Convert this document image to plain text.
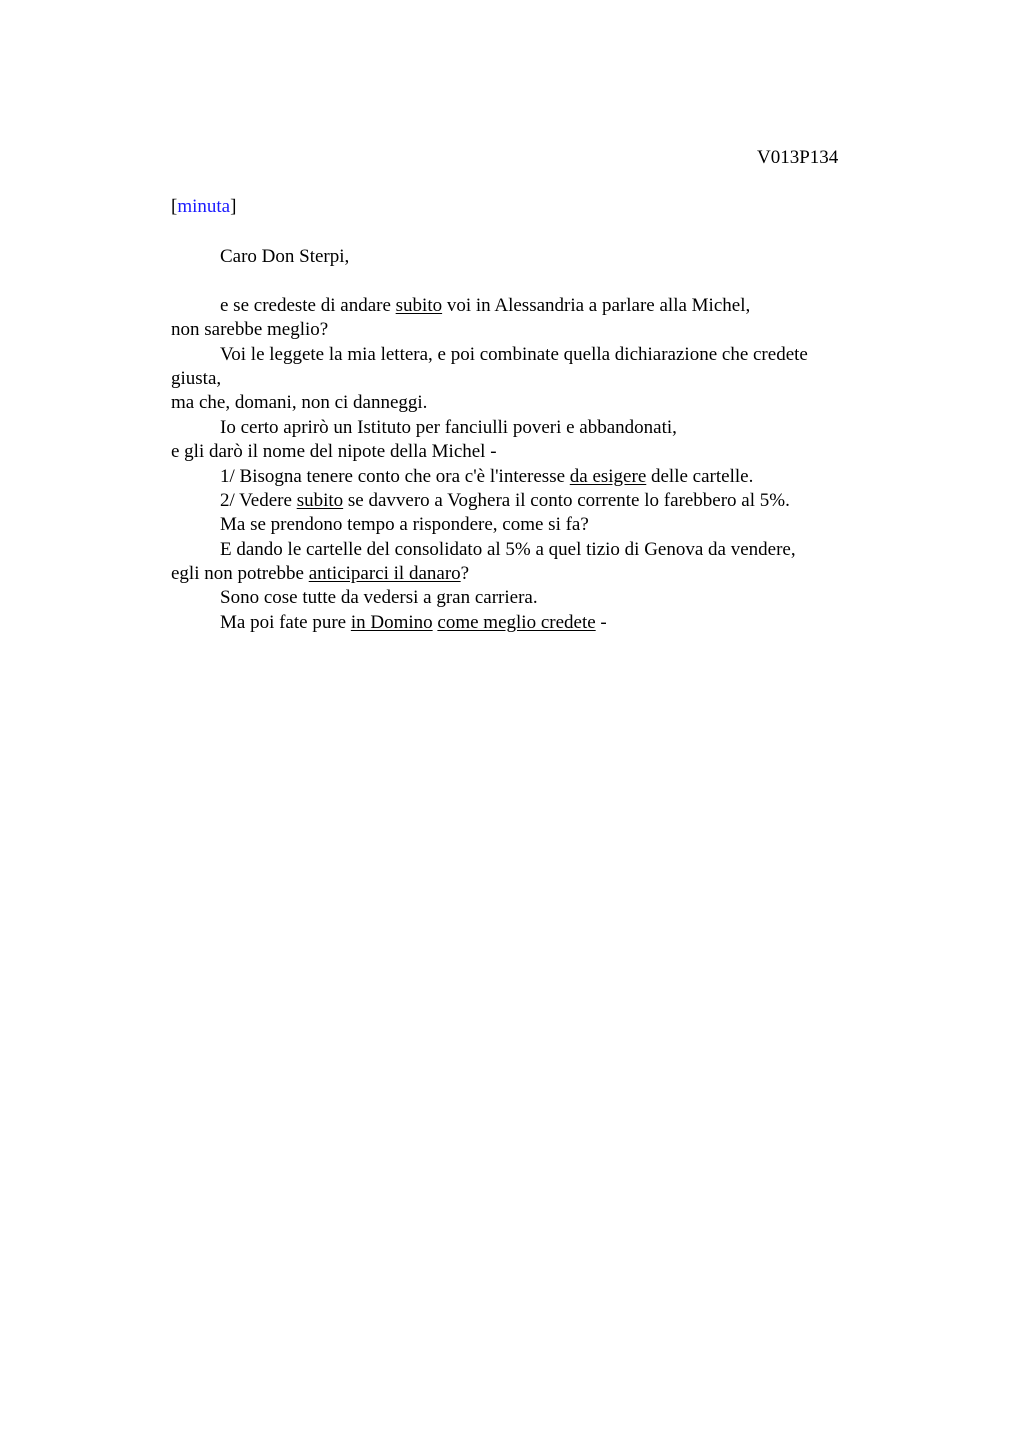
V013P134
[minuta]
Caro Don Sterpi,
e se credeste di andare subito voi in Alessandria a parlare alla Michel,
non sarebbe meglio?
Voi le leggete la mia lettera, e poi combinate quella dichiarazione che credete
giusta,
ma che, domani, non ci danneggi.
Io certo aprirò un Istituto per fanciulli poveri e abbandonati,
e gli darò il nome del nipote della Michel -
1/ Bisogna tenere conto che ora c'è l'interesse da esigere delle cartelle.
2/ Vedere subito se davvero a Voghera il conto corrente lo farebbero al 5%.
Ma se prendono tempo a rispondere, come si fa?
E dando le cartelle del consolidato al 5% a quel tizio di Genova da vendere,
egli non potrebbe anticiparci il danaro?
Sono cose tutte da vedersi a gran carriera.
Ma poi fate pure in Domino come meglio credete -
